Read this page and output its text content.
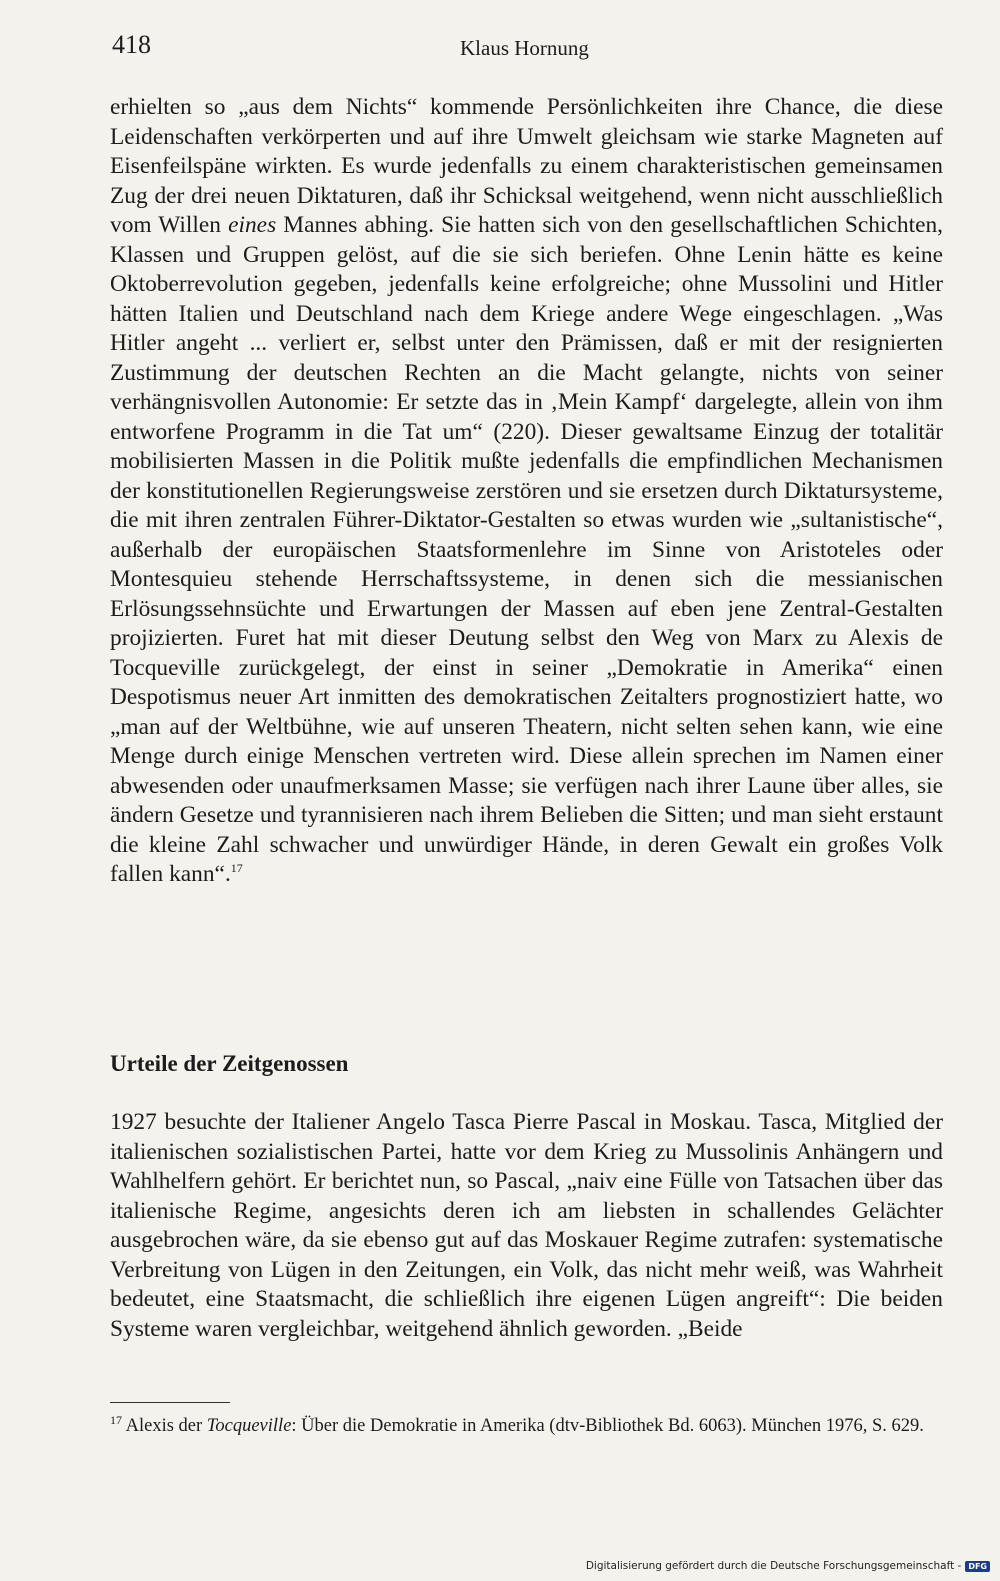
418	Klaus Hornung

erhielten so „aus dem Nichts“ kommende Persönlichkeiten ihre Chance, die diese Leidenschaften verkörperten und auf ihre Umwelt gleichsam wie starke Magneten auf Eisenfeilspäne wirkten. Es wurde jedenfalls zu einem charakteristischen gemeinsamen Zug der drei neuen Diktaturen, daß ihr Schicksal weitgehend, wenn nicht ausschließlich vom Willen eines Mannes abhing. Sie hatten sich von den gesellschaftlichen Schichten, Klassen und Gruppen gelöst, auf die sie sich beriefen. Ohne Lenin hätte es keine Oktoberrevolution gegeben, jedenfalls keine erfolgreiche; ohne Mussolini und Hitler hätten Italien und Deutschland nach dem Kriege andere Wege eingeschlagen. „Was Hitler angeht ... verliert er, selbst unter den Prämissen, daß er mit der resignierten Zustimmung der deutschen Rechten an die Macht gelangte, nichts von seiner verhängnisvollen Autonomie: Er setzte das in ‚Mein Kampf‘ dargelegte, allein von ihm entworfene Programm in die Tat um“ (220). Dieser gewaltsame Einzug der totalitär mobilisierten Massen in die Politik mußte jedenfalls die empfindlichen Mechanismen der konstitutionellen Regierungsweise zerstören und sie ersetzen durch Diktatursysteme, die mit ihren zentralen Führer-Diktator-Gestalten so etwas wurden wie „sultanistische“, außerhalb der europäischen Staatsformenlehre im Sinne von Aristoteles oder Montesquieu stehende Herrschaftssysteme, in denen sich die messianischen Erlösungssehnsüchte und Erwartungen der Massen auf eben jene Zentral-Gestalten projizierten. Furet hat mit dieser Deutung selbst den Weg von Marx zu Alexis de Tocqueville zurückgelegt, der einst in seiner „Demokratie in Amerika“ einen Despotismus neuer Art inmitten des demokratischen Zeitalters prognostiziert hatte, wo „man auf der Weltbühne, wie auf unseren Theatern, nicht selten sehen kann, wie eine Menge durch einige Menschen vertreten wird. Diese allein sprechen im Namen einer abwesenden oder unaufmerksamen Masse; sie verfügen nach ihrer Laune über alles, sie ändern Gesetze und tyrannisieren nach ihrem Belieben die Sitten; und man sieht erstaunt die kleine Zahl schwacher und unwürdiger Hände, in deren Gewalt ein großes Volk fallen kann“.$^{17}$

Urteile der Zeitgenossen

1927 besuchte der Italiener Angelo Tasca Pierre Pascal in Moskau. Tasca, Mitglied der italienischen sozialistischen Partei, hatte vor dem Krieg zu Mussolinis Anhängern und Wahlhelfern gehört. Er berichtet nun, so Pascal, „naiv eine Fülle von Tatsachen über das italienische Regime, angesichts deren ich am liebsten in schallendes Gelächter ausgebrochen wäre, da sie ebenso gut auf das Moskauer Regime zutrafen: systematische Verbreitung von Lügen in den Zeitungen, ein Volk, das nicht mehr weiß, was Wahrheit bedeutet, eine Staatsmacht, die schließlich ihre eigenen Lügen angreift“: Die beiden Systeme waren vergleichbar, weitgehend ähnlich geworden. „Beide

$^{17}$ Alexis der Tocqueville: Über die Demokratie in Amerika (dtv-Bibliothek Bd. 6063). München 1976, S. 629.

Digitalisierung gefördert durch die Deutsche Forschungsgemeinschaft - DFG
